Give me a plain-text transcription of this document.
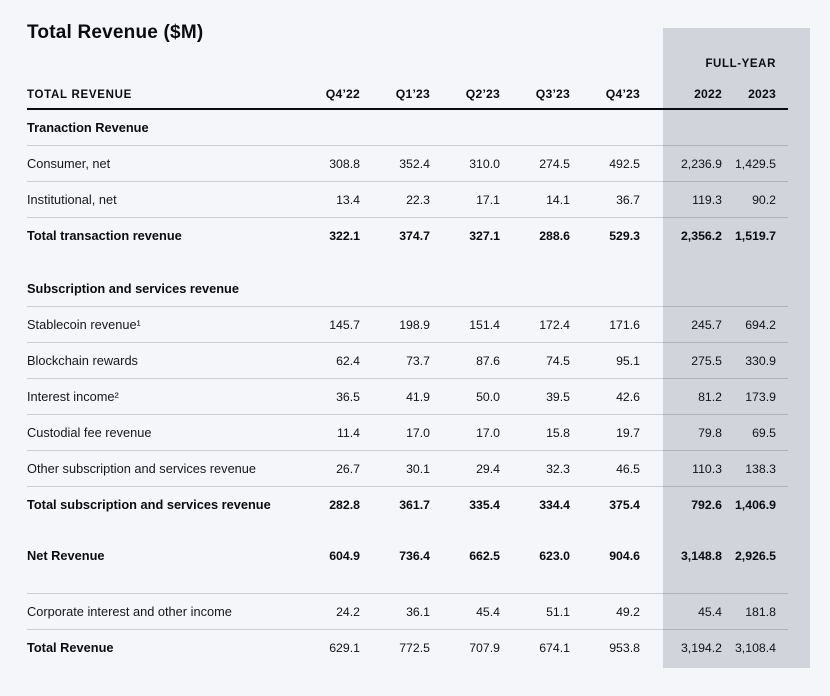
Total Revenue ($M)
FULL-YEAR
TOTAL REVENUE	Q4’22	Q1’23	Q2’23	Q3’23	Q4’23	2022	2023
Tranaction Revenue
Consumer, net	308.8	352.4	310.0	274.5	492.5	2,236.9	1,429.5
Institutional, net	13.4	22.3	17.1	14.1	36.7	119.3	90.2
Total transaction revenue	322.1	374.7	327.1	288.6	529.3	2,356.2	1,519.7
Subscription and services revenue
Stablecoin revenue¹	145.7	198.9	151.4	172.4	171.6	245.7	694.2
Blockchain rewards	62.4	73.7	87.6	74.5	95.1	275.5	330.9
Interest income²	36.5	41.9	50.0	39.5	42.6	81.2	173.9
Custodial fee revenue	11.4	17.0	17.0	15.8	19.7	79.8	69.5
Other subscription and services revenue	26.7	30.1	29.4	32.3	46.5	110.3	138.3
Total subscription and services revenue	282.8	361.7	335.4	334.4	375.4	792.6	1,406.9
Net Revenue	604.9	736.4	662.5	623.0	904.6	3,148.8	2,926.5
Corporate interest and other income	24.2	36.1	45.4	51.1	49.2	45.4	181.8
Total Revenue	629.1	772.5	707.9	674.1	953.8	3,194.2	3,108.4
